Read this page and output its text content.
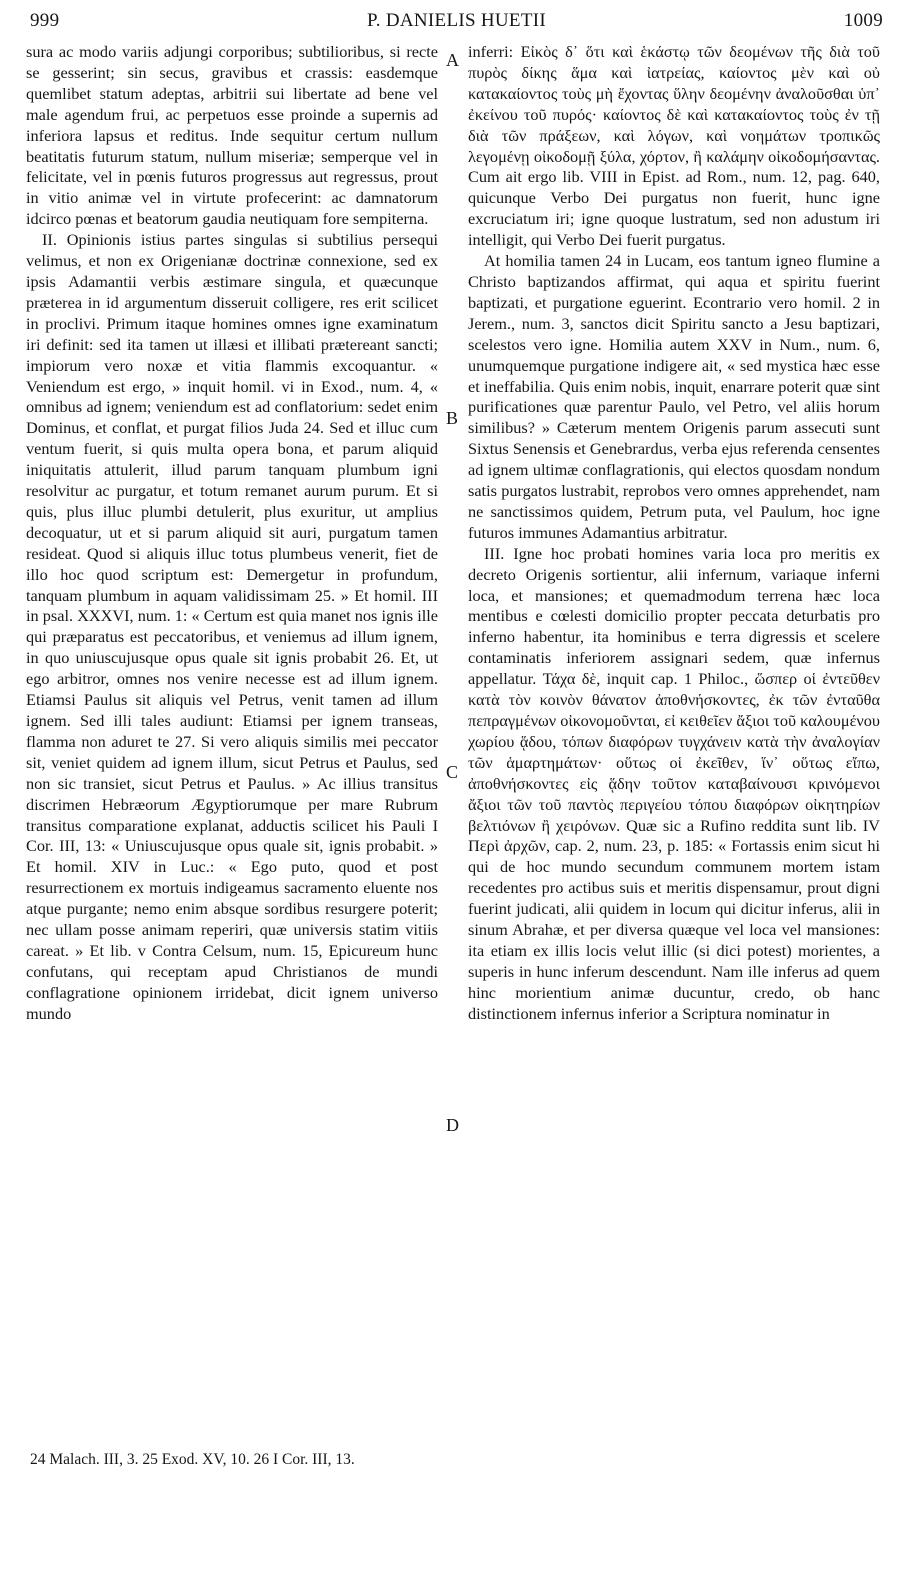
999	P. DANIELIS HUETII	1009
A
B
C
D

sura ac modo variis adjungi corporibus; subtilioribus, si recte se gesserint; sin secus, gravibus et crassis: easdemque quemlibet statum adeptas, arbitrii sui libertate ad bene vel male agendum frui, ac perpetuos esse proinde a supernis ad inferiora lapsus et reditus. Inde sequitur certum nullum beatitatis futurum statum, nullum miseriæ; semperque vel in felicitate, vel in pœnis futuros progressus aut regressus, prout in vitio animæ vel in virtute profecerint: ac damnatorum idcirco pœnas et beatorum gaudia neutiquam fore sempiterna.

II. Opinionis istius partes singulas si subtilius persequi velimus, et non ex Origenianæ doctrinæ connexione, sed ex ipsis Adamantii verbis æstimare singula, et quæcunque præterea in id argumentum disseruit colligere, res erit scilicet in proclivi. Primum itaque homines omnes igne examinatum iri definit: sed ita tamen ut illæsi et illibati prætereant sancti; impiorum vero noxæ et vitia flammis excoquantur. « Veniendum est ergo, » inquit homil. vi in Exod., num. 4, « omnibus ad ignem; veniendum est ad conflatorium: sedet enim Dominus, et conflat, et purgat filios Juda 24. Sed et illuc cum ventum fuerit, si quis multa opera bona, et parum aliquid iniquitatis attulerit, illud parum tanquam plumbum igni resolvitur ac purgatur, et totum remanet aurum purum. Et si quis, plus illuc plumbi detulerit, plus exuritur, ut amplius decoquatur, ut et si parum aliquid sit auri, purgatum tamen resideat. Quod si aliquis illuc totus plumbeus venerit, fiet de illo hoc quod scriptum est: Demergetur in profundum, tanquam plumbum in aquam validissimam 25. » Et homil. III in psal. XXXVI, num. 1: « Certum est quia manet nos ignis ille qui præparatus est peccatoribus, et veniemus ad illum ignem, in quo uniuscujusque opus quale sit ignis probabit 26. Et, ut ego arbitror, omnes nos venire necesse est ad illum ignem. Etiamsi Paulus sit aliquis vel Petrus, venit tamen ad illum ignem. Sed illi tales audiunt: Etiamsi per ignem transeas, flamma non aduret te 27. Si vero aliquis similis mei peccator sit, veniet quidem ad ignem illum, sicut Petrus et Paulus, sed non sic transiet, sicut Petrus et Paulus. » Ac illius transitus discrimen Hebræorum Ægyptiorumque per mare Rubrum transitus comparatione explanat, adductis scilicet his Pauli I Cor. III, 13: « Uniuscujusque opus quale sit, ignis probabit. » Et homil. XIV in Luc.: « Ego puto, quod et post resurrectionem ex mortuis indigeamus sacramento eluente nos atque purgante; nemo enim absque sordibus resurgere poterit; nec ullam posse animam reperiri, quæ universis statim vitiis careat. » Et lib. v Contra Celsum, num. 15, Epicureum hunc confutans, qui receptam apud Christianos de mundi conflagratione opinionem irridebat, dicit ignem universo mundo

inferri: Εἰκὸς δ᾽ ὅτι καὶ ἑκάστῳ τῶν δεομένων τῆς διὰ τοῦ πυρὸς δίκης ἅμα καὶ ἰατρείας, καίοντος μὲν καὶ οὐ κατακαίοντος τοὺς μὴ ἔχοντας ὕλην δεομένην ἀναλοῦσθαι ὑπ᾽ ἐκείνου τοῦ πυρός· καίοντος δὲ καὶ κατακαίοντος τοὺς ἐν τῇ διὰ τῶν πράξεων, καὶ λόγων, καὶ νοημάτων τροπικῶς λεγομένῃ οἰκοδομῇ ξύλα, χόρτον, ἢ καλάμην οἰκοδομήσαντας. Cum ait ergo lib. VIII in Epist. ad Rom., num. 12, pag. 640, quicunque Verbo Dei purgatus non fuerit, hunc igne excruciatum iri; igne quoque lustratum, sed non adustum iri intelligit, qui Verbo Dei fuerit purgatus.

At homilia tamen 24 in Lucam, eos tantum igneo flumine a Christo baptizandos affirmat, qui aqua et spiritu fuerint baptizati, et purgatione eguerint. Econtrario vero homil. 2 in Jerem., num. 3, sanctos dicit Spiritu sancto a Jesu baptizari, scelestos vero igne. Homilia autem XXV in Num., num. 6, unumquemque purgatione indigere ait, « sed mystica hæc esse et ineffabilia. Quis enim nobis, inquit, enarrare poterit quæ sint purificationes quæ parentur Paulo, vel Petro, vel aliis horum similibus? » Cæterum mentem Origenis parum assecuti sunt Sixtus Senensis et Genebrardus, verba ejus referenda censentes ad ignem ultimæ conflagrationis, qui electos quosdam nondum satis purgatos lustrabit, reprobos vero omnes apprehendet, nam ne sanctissimos quidem, Petrum puta, vel Paulum, hoc igne futuros immunes Adamantius arbitratur.

III. Igne hoc probati homines varia loca pro meritis ex decreto Origenis sortientur, alii infernum, variaque inferni loca, et mansiones; et quemadmodum terrena hæc loca mentibus e cœlesti domicilio propter peccata deturbatis pro inferno habentur, ita hominibus e terra digressis et scelere contaminatis inferiorem assignari sedem, quæ infernus appellatur. Τάχα δὲ, inquit cap. 1 Philoc., ὥσπερ οἱ ἐντεῦθεν κατὰ τὸν κοινὸν θάνατον ἀποθνήσκοντες, ἐκ τῶν ἐνταῦθα πεπραγμένων οἰκονομοῦνται, εἰ κειθεῖεν ἄξιοι τοῦ καλουμένου χωρίου ᾅδου, τόπων διαφόρων τυγχάνειν κατὰ τὴν ἀναλογίαν τῶν ἁμαρτημάτων· οὕτως οἱ ἐκεῖθεν, ἵν᾽ οὕτως εἴπω, ἀποθνήσκοντες εἰς ᾅδην τοῦτον καταβαίνουσι κρινόμενοι ἄξιοι τῶν τοῦ παντὸς περιγείου τόπου διαφόρων οἰκητηρίων βελτιόνων ἢ χειρόνων. Quæ sic a Rufino reddita sunt lib. IV Περὶ ἀρχῶν, cap. 2, num. 23, p. 185: « Fortassis enim sicut hi qui de hoc mundo secundum communem mortem istam recedentes pro actibus suis et meritis dispensamur, prout digni fuerint judicati, alii quidem in locum qui dicitur inferus, alii in sinum Abrahæ, et per diversa quæque vel loca vel mansiones: ita etiam ex illis locis velut illic (si dici potest) morientes, a superis in hunc inferum descendunt. Nam ille inferus ad quem hinc morientium animæ ducuntur, credo, ob hanc distinctionem infernus inferior a Scriptura nominatur in

24 Malach. III, 3. 25 Exod. XV, 10. 26 I Cor. III, 13.
